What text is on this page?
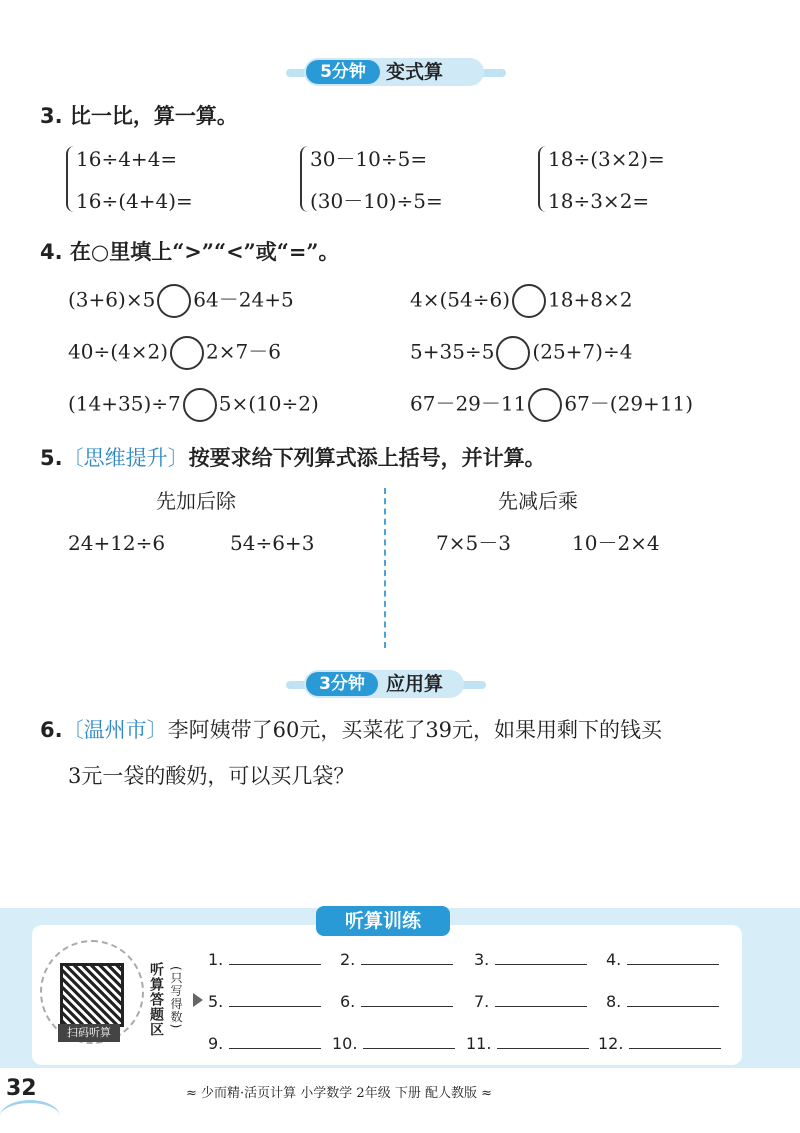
5分钟	变式算
3. 比一比，算一算。
16÷4+4=
16÷(4+4)=
30－10÷5=
(30－10)÷5=
18÷(3×2)=
18÷3×2=
4. 在○里填上“>”“<”或“=”。
(3+6)×5 64－24+5	4×(54÷6) 18+8×2
40÷(4×2) 2×7－6	5+35÷5 (25+7)÷4
(14+35)÷7 5×(10÷2)	67－29－11 67－(29+11)
5.〔思维提升〕按要求给下列算式添上括号，并计算。
先加后除	先减后乘
24+12÷6	54÷6+3	7×5－3	10－2×4
3分钟	应用算
6.〔温州市〕李阿姨带了60元，买菜花了39元，如果用剩下的钱买
3元一袋的酸奶，可以买几袋？
听算训练
扫码听算	听算答题区 (只写得数)
1.	2.	3.	4.
5.	6.	7.	8.
9.	10.	11.	12.
32	≈ 少而精·活页计算 小学数学 2年级 下册 配人教版 ≈
